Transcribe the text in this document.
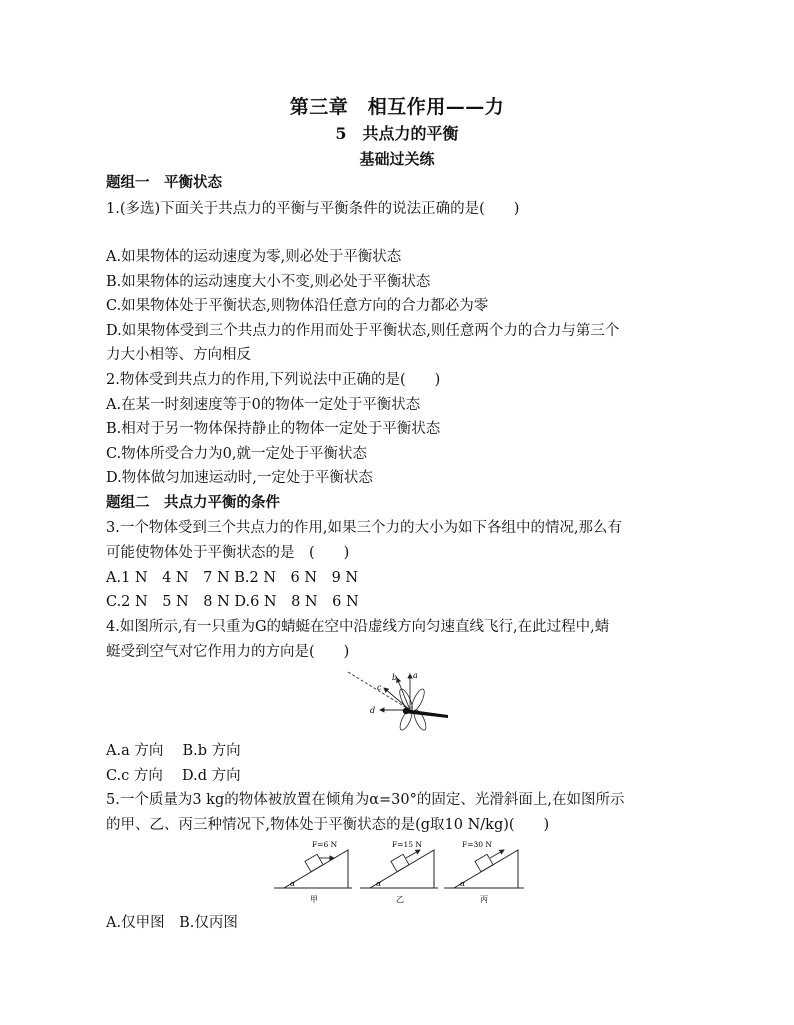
第三章　相互作用——力
5　共点力的平衡
基础过关练
题组一　平衡状态
1.(多选)下面关于共点力的平衡与平衡条件的说法正确的是(　　)
A.如果物体的运动速度为零,则必处于平衡状态
B.如果物体的运动速度大小不变,则必处于平衡状态
C.如果物体处于平衡状态,则物体沿任意方向的合力都必为零
D.如果物体受到三个共点力的作用而处于平衡状态,则任意两个力的合力与第三个
力大小相等、方向相反
2.物体受到共点力的作用,下列说法中正确的是(　　)
A.在某一时刻速度等于0的物体一定处于平衡状态
B.相对于另一物体保持静止的物体一定处于平衡状态
C.物体所受合力为0,就一定处于平衡状态
D.物体做匀加速运动时,一定处于平衡状态
题组二　共点力平衡的条件
3.一个物体受到三个共点力的作用,如果三个力的大小为如下各组中的情况,那么有
可能使物体处于平衡状态的是　(　　)
A.1 N　4 N　7 N B.2 N　6 N　9 N
C.2 N　5 N　8 N D.6 N　8 N　6 N
4.如图所示,有一只重为G的蜻蜓在空中沿虚线方向匀速直线飞行,在此过程中,蜻
蜓受到空气对它作用力的方向是(　　)
a
b
c
d
A.a 方向　 B.b 方向
C.c 方向　 D.d 方向
5.一个质量为3 kg的物体被放置在倾角为α=30°的固定、光滑斜面上,在如图所示
的甲、乙、丙三种情况下,物体处于平衡状态的是(g取10 N/kg)(　　)
F=6 N
α
甲
F=15 N
α
乙
F=30 N
α
丙
A.仅甲图　B.仅丙图
